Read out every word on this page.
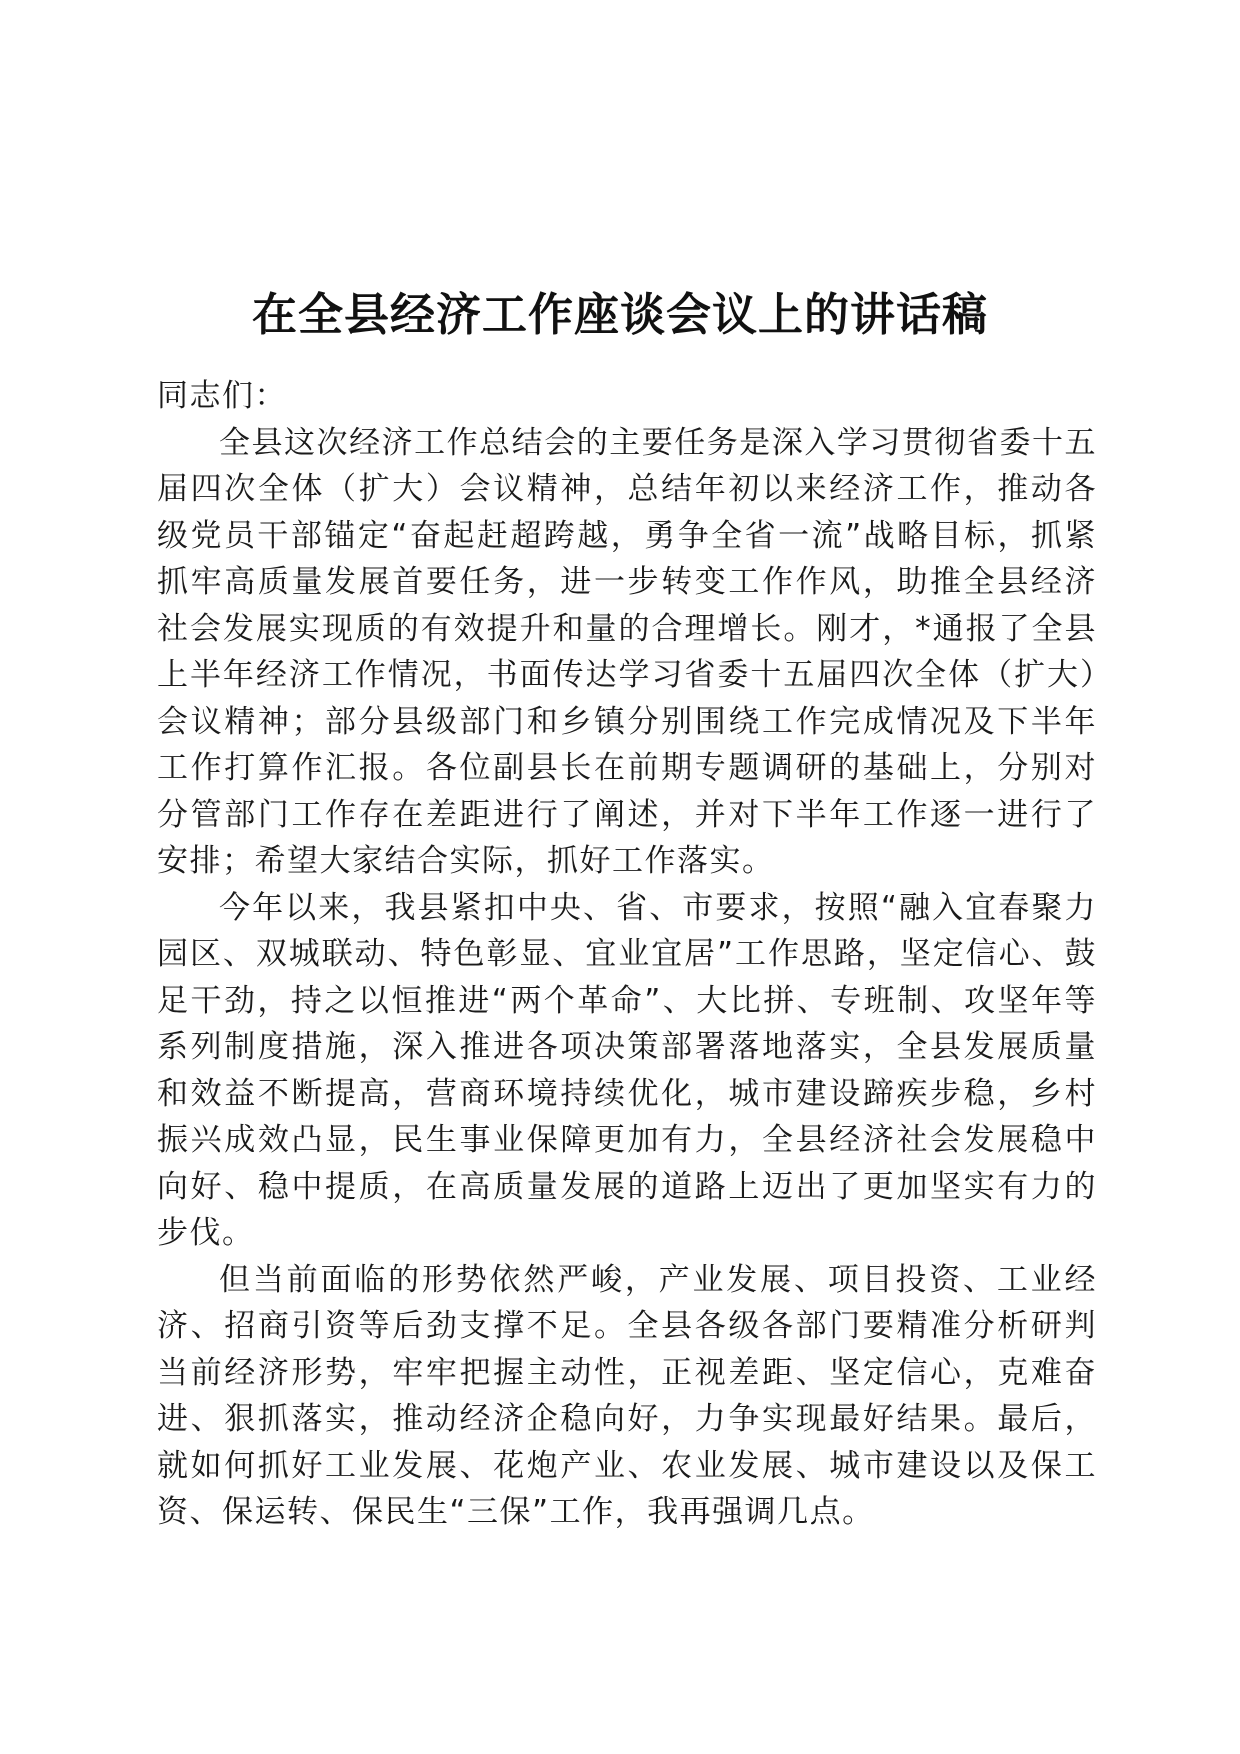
在全县经济工作座谈会议上的讲话稿

同志们：

全县这次经济工作总结会的主要任务是深入学习贯彻省委十五届四次全体（扩大）会议精神，总结年初以来经济工作，推动各级党员干部锚定“奋起赶超跨越，勇争全省一流”战略目标，抓紧抓牢高质量发展首要任务，进一步转变工作作风，助推全县经济社会发展实现质的有效提升和量的合理增长。刚才，*通报了全县上半年经济工作情况，书面传达学习省委十五届四次全体（扩大）会议精神；部分县级部门和乡镇分别围绕工作完成情况及下半年工作打算作汇报。各位副县长在前期专题调研的基础上，分别对分管部门工作存在差距进行了阐述，并对下半年工作逐一进行了安排；希望大家结合实际，抓好工作落实。

今年以来，我县紧扣中央、省、市要求，按照“融入宜春聚力园区、双城联动、特色彰显、宜业宜居”工作思路，坚定信心、鼓足干劲，持之以恒推进“两个革命”、大比拼、专班制、攻坚年等系列制度措施，深入推进各项决策部署落地落实，全县发展质量和效益不断提高，营商环境持续优化，城市建设蹄疾步稳，乡村振兴成效凸显，民生事业保障更加有力，全县经济社会发展稳中向好、稳中提质，在高质量发展的道路上迈出了更加坚实有力的步伐。

但当前面临的形势依然严峻，产业发展、项目投资、工业经济、招商引资等后劲支撑不足。全县各级各部门要精准分析研判当前经济形势，牢牢把握主动性，正视差距、坚定信心，克难奋进、狠抓落实，推动经济企稳向好，力争实现最好结果。最后，就如何抓好工业发展、花炮产业、农业发展、城市建设以及保工资、保运转、保民生“三保”工作，我再强调几点。
